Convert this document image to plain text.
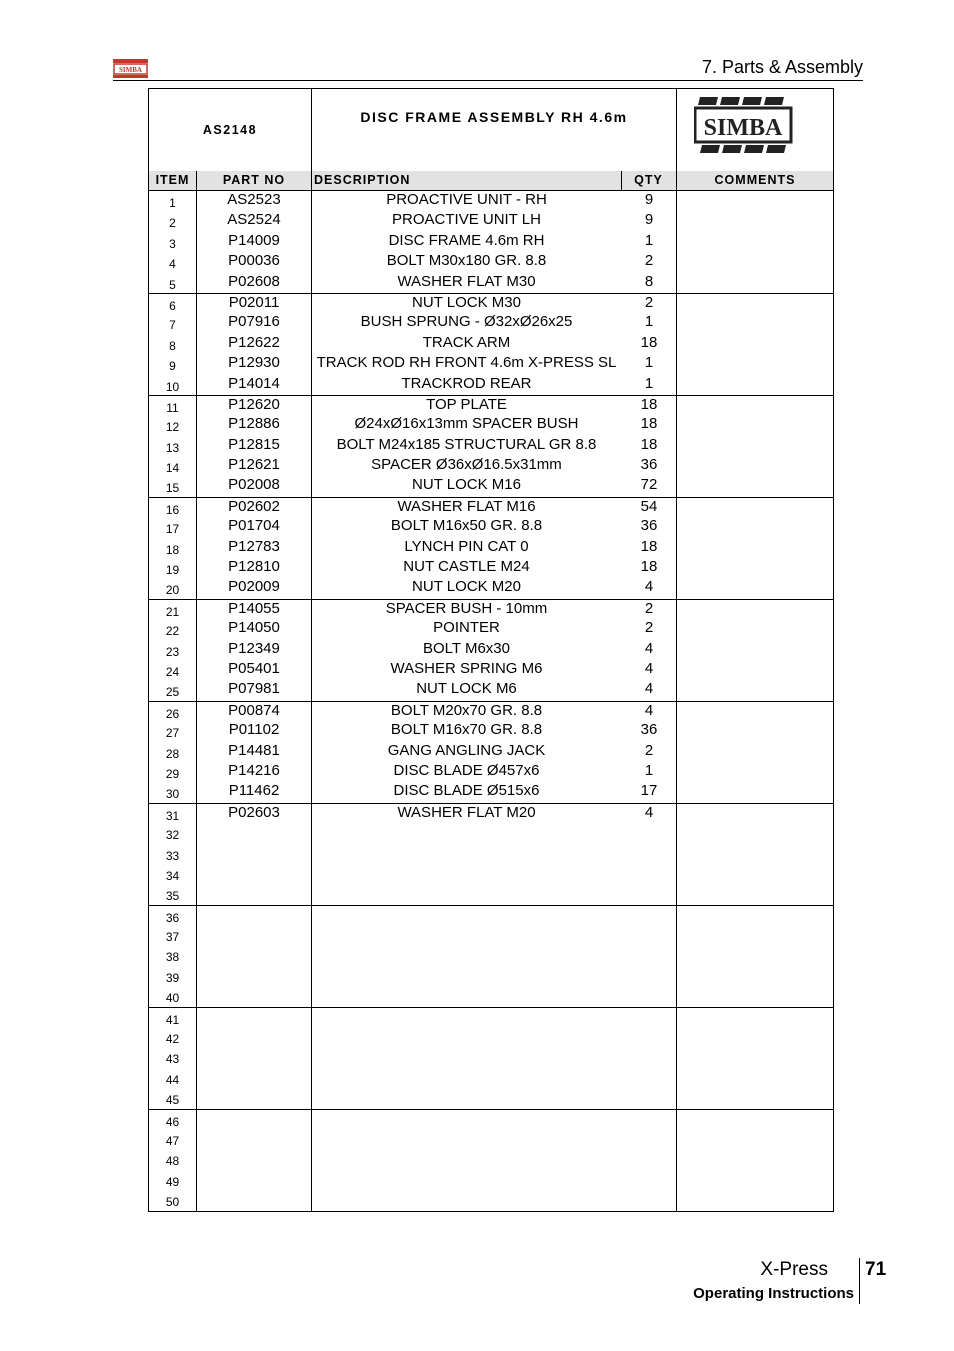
SIMBA	7. Parts & Assembly
AS2148
DISC FRAME ASSEMBLY RH 4.6m	SIMBA
ITEM	PART NO	DESCRIPTION	QTY	COMMENTS
1	AS2523	PROACTIVE UNIT - RH	9
2	AS2524	PROACTIVE UNIT LH	9
3	P14009	DISC FRAME 4.6m RH	1
4	P00036	BOLT M30x180 GR. 8.8	2
5	P02608	WASHER FLAT M30	8
6	P02011	NUT LOCK M30	2
7	P07916	BUSH SPRUNG - Ø32xØ26x25	1
8	P12622	TRACK ARM	18
9	P12930	TRACK ROD RH FRONT 4.6m X-PRESS SL	1
10	P14014	TRACKROD REAR	1
11	P12620	TOP PLATE	18
12	P12886	Ø24xØ16x13mm SPACER BUSH	18
13	P12815	BOLT M24x185 STRUCTURAL GR 8.8	18
14	P12621	SPACER Ø36xØ16.5x31mm	36
15	P02008	NUT LOCK M16	72
16	P02602	WASHER FLAT M16	54
17	P01704	BOLT M16x50 GR. 8.8	36
18	P12783	LYNCH PIN CAT 0	18
19	P12810	NUT CASTLE M24	18
20	P02009	NUT LOCK M20	4
21	P14055	SPACER BUSH - 10mm	2
22	P14050	POINTER	2
23	P12349	BOLT M6x30	4
24	P05401	WASHER SPRING M6	4
25	P07981	NUT LOCK M6	4
26	P00874	BOLT M20x70 GR. 8.8	4
27	P01102	BOLT M16x70 GR. 8.8	36
28	P14481	GANG ANGLING JACK	2
29	P14216	DISC BLADE Ø457x6	1
30	P11462	DISC BLADE Ø515x6	17
31	P02603	WASHER FLAT M20	4
32
33
34
35
36
37
38
39
40
41
42
43
44
45
46
47
48
49
50
X-Press 71
Operating Instructions
